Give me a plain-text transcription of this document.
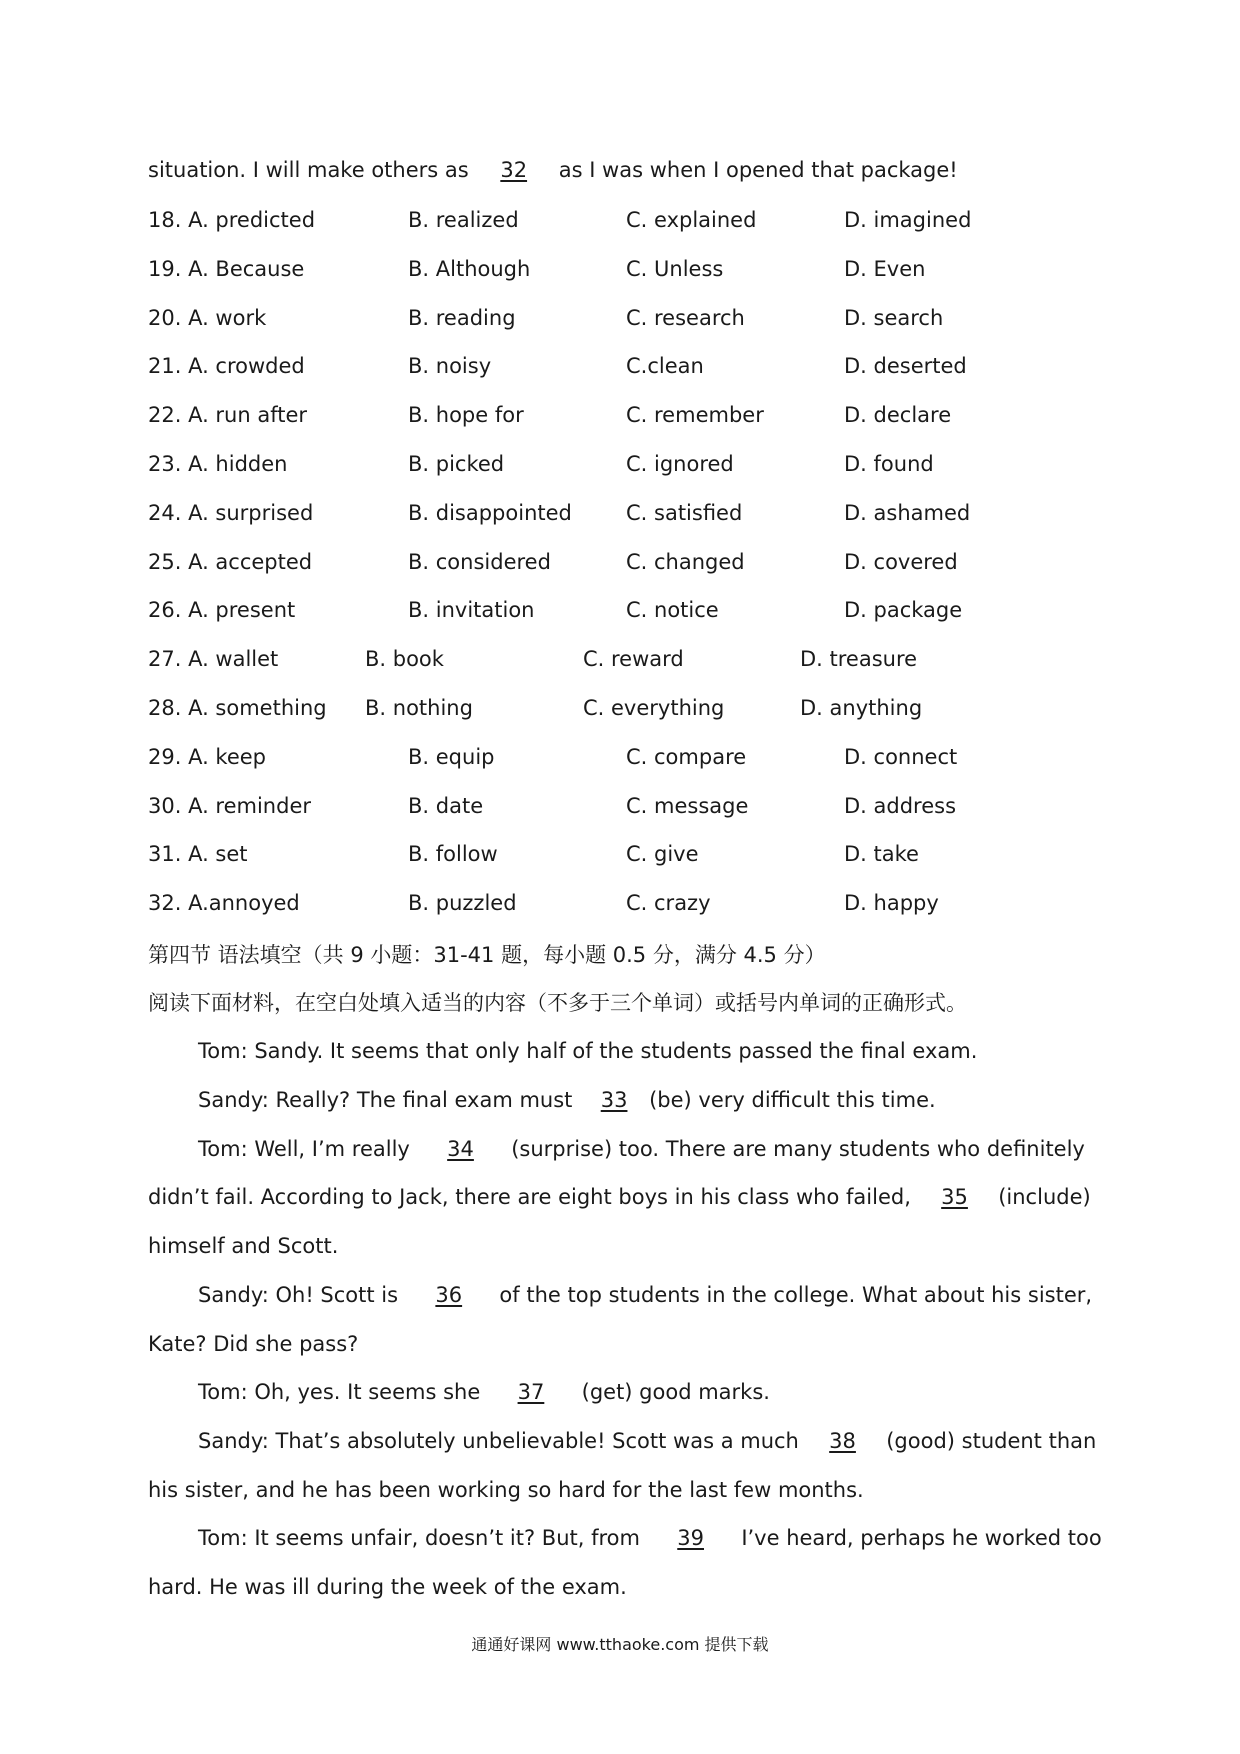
situation. I will make others as 32 as I was when I opened that package!
18. A. predicted	B. realized	C. explained	D. imagined
19. A. Because	B. Although	C. Unless	D. Even
20. A. work	B. reading	C. research	D. search
21. A. crowded	B. noisy	C.clean	D. deserted
22. A. run after	B. hope for	C. remember	D. declare
23. A. hidden	B. picked	C. ignored	D. found
24. A. surprised	B. disappointed	C. satisfied	D. ashamed
25. A. accepted	B. considered	C. changed	D. covered
26. A. present	B. invitation	C. notice	D. package
27. A. wallet	B. book	C. reward	D. treasure
28. A. something B. nothing	C. everything	D. anything
29. A. keep	B. equip	C. compare	D. connect
30. A. reminder	B. date	C. message	D. address
31. A. set	B. follow	C. give	D. take
32. A.annoyed	B. puzzled	C. crazy	D. happy
第四节 语法填空（共 9 小题：31-41 题，每小题 0.5 分，满分 4.5 分）
阅读下面材料，在空白处填入适当的内容（不多于三个单词）或括号内单词的正确形式。
Tom: Sandy. It seems that only half of the students passed the final exam.
Sandy: Really? The final exam must 33 (be) very difficult this time.
Tom: Well, I’m really 34 (surprise) too. There are many students who definitely
didn’t fail. According to Jack, there are eight boys in his class who failed, 35 (include)
himself and Scott.
Sandy: Oh! Scott is 36 of the top students in the college. What about his sister,
Kate? Did she pass?
Tom: Oh, yes. It seems she 37 (get) good marks.
Sandy: That’s absolutely unbelievable! Scott was a much 38 (good) student than
his sister, and he has been working so hard for the last few months.
Tom: It seems unfair, doesn’t it? But, from 39 I’ve heard, perhaps he worked too
hard. He was ill during the week of the exam.
通通好课网 www.tthaoke.com 提供下载
